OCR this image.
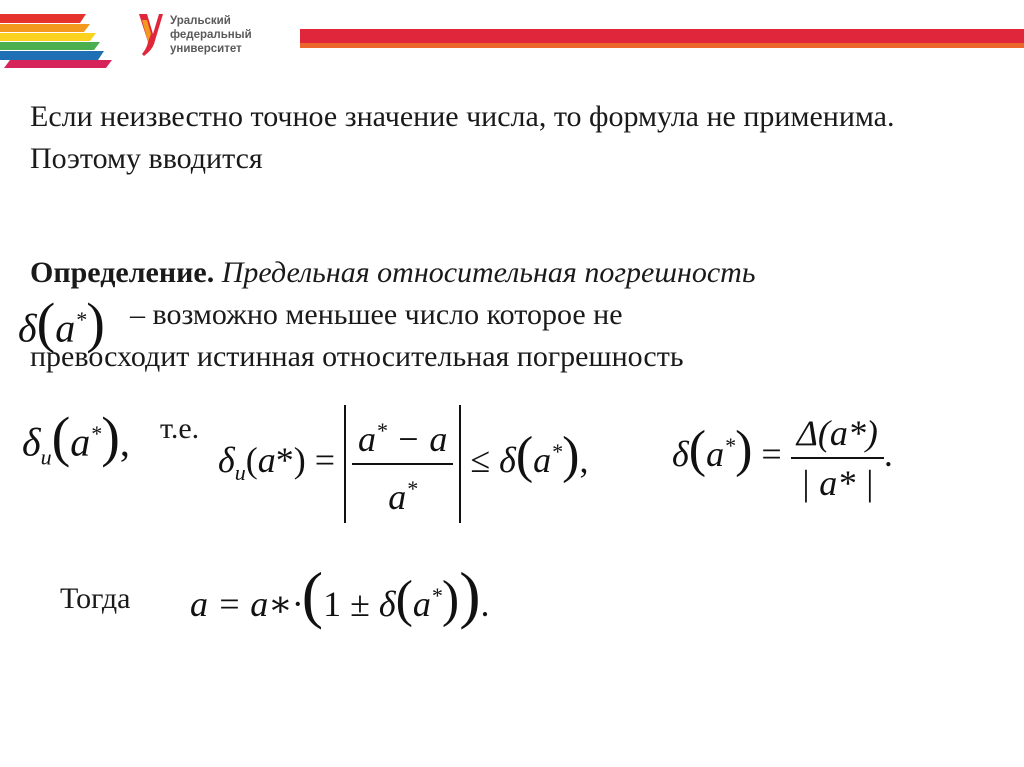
Уральский
федеральный
университет
Если неизвестно точное значение числа, то формула не применима. Поэтому вводится
Определение. Предельная относительная погрешность
– возможно меньшее число которое не
превосходит истинная относительная погрешность
δ(a*)
$\delta_и(a^*)$, т.е.
$\delta_и(a*) = \frac{a^* - a}{a^*} \le \delta(a^*)$, $\delta(a^*) = \frac{\Delta(a*)}{| a* |}$ .
Тогда a = a∗·(1 ± δ(a*)).
